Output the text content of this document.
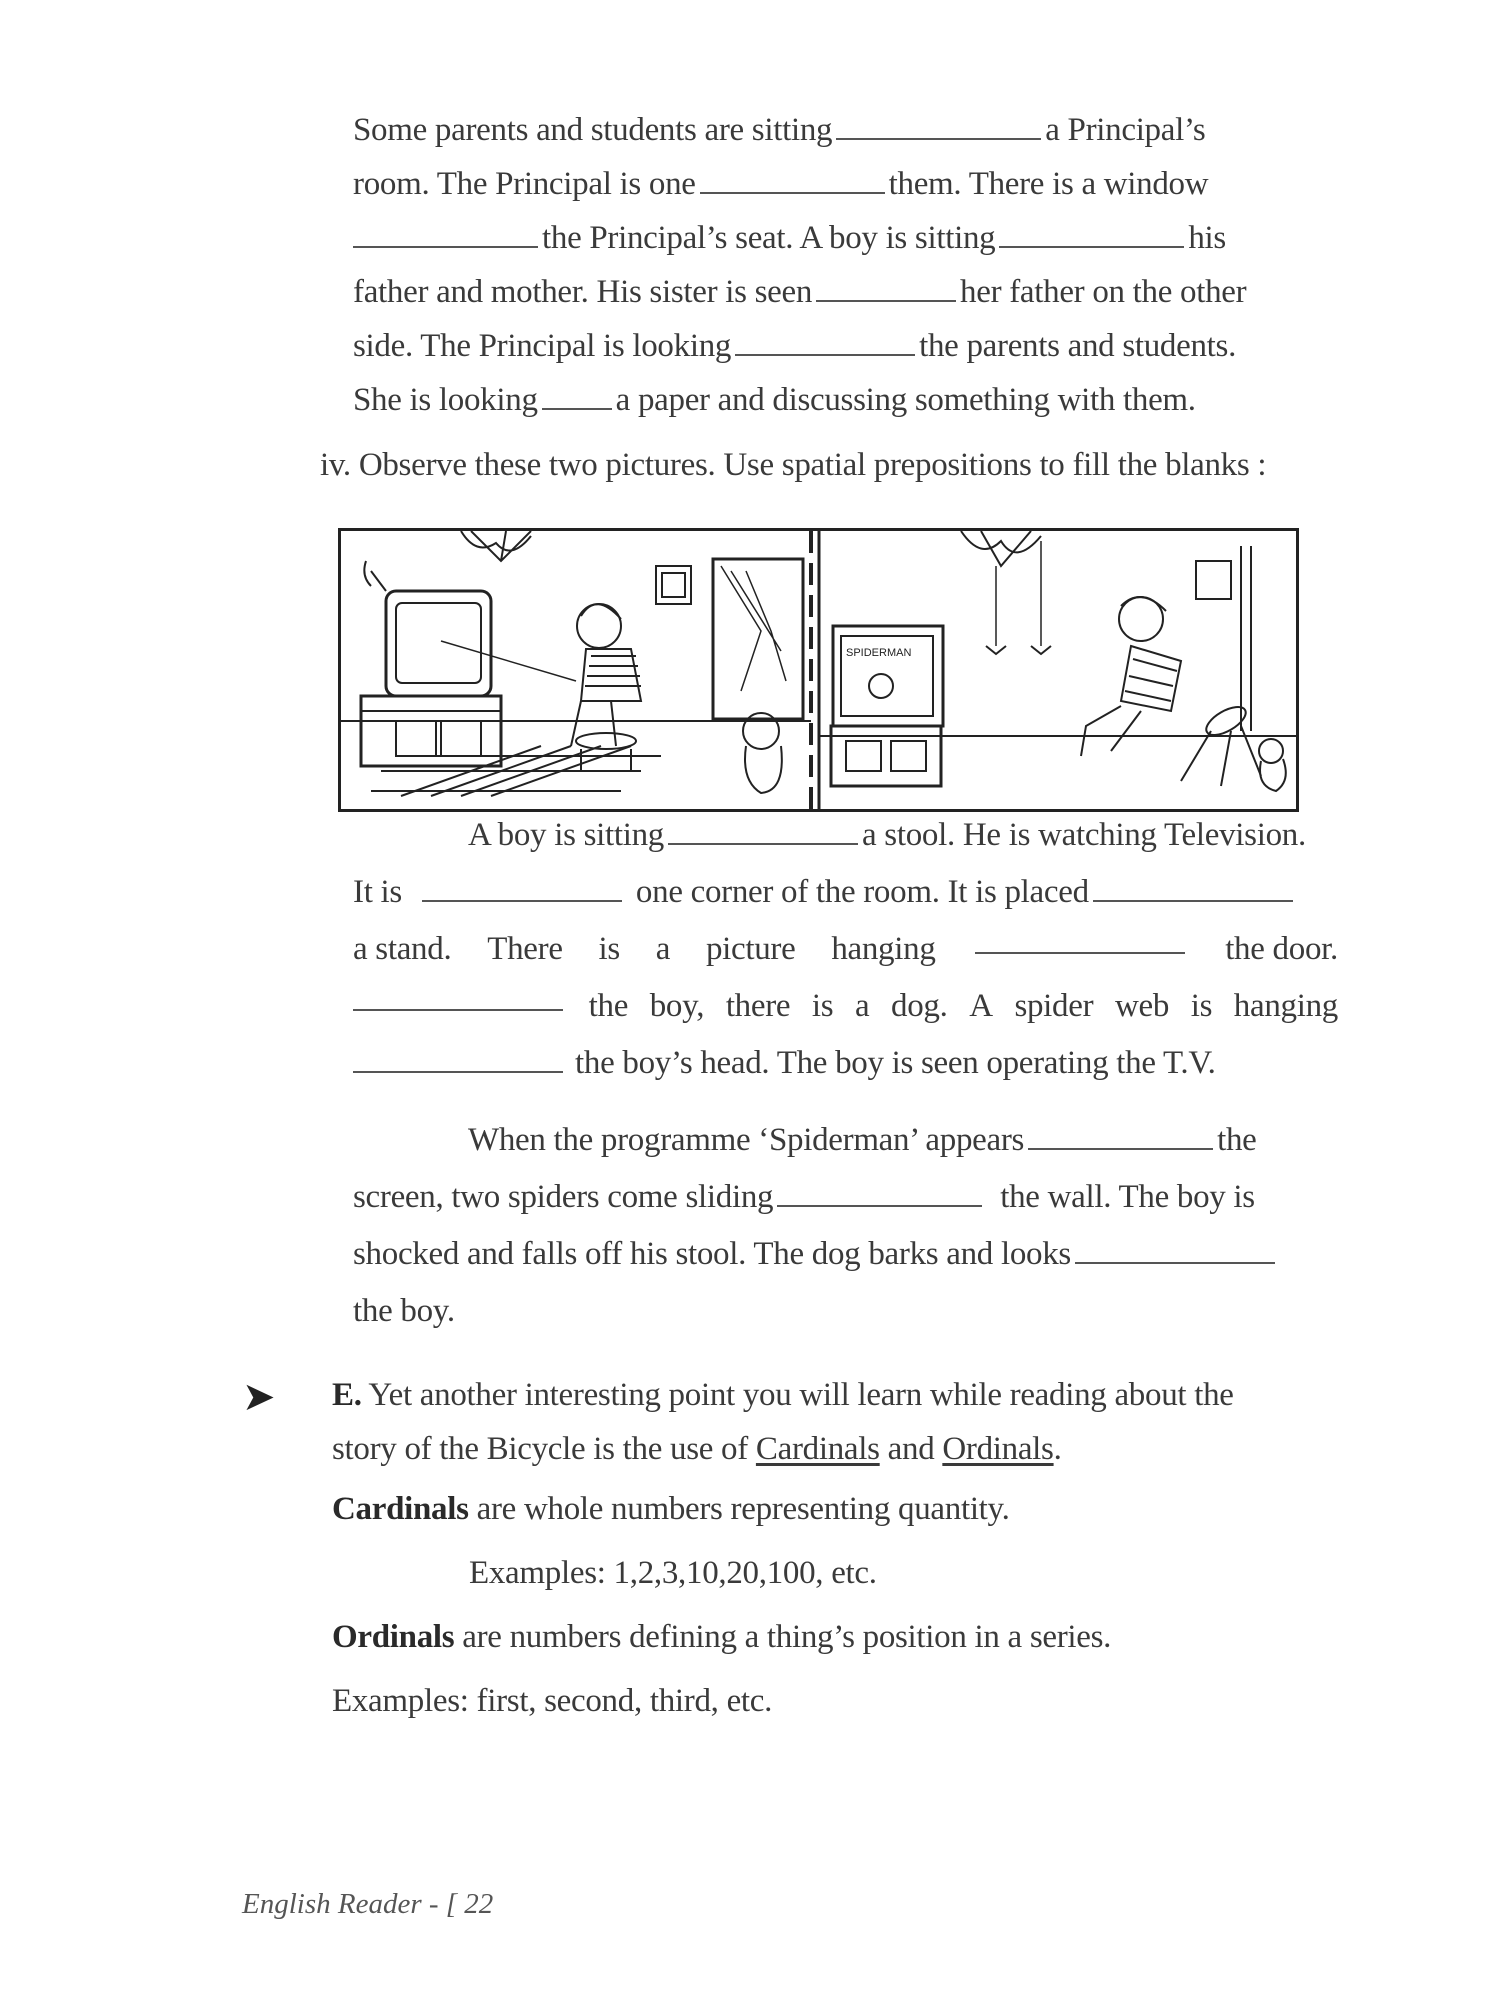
Some parents and students are sitting	a Principal’s
room. The Principal is one	them. There is a window
the Principal’s seat. A boy is sitting	his
father and mother. His sister is seen	her father on the other
side. The Principal is looking	the parents and students.
She is looking a paper and discussing something with them.
iv. Observe these two pictures. Use spatial prepositions to fill the blanks :
SPIDERMAN
A boy is sitting	a stool. He is watching Television.
It is	one corner of the room. It is placed
a stand. There is a picture hanging	the door.
the boy, there is a dog. A spider web is hanging
the boy’s head. The boy is seen operating the T.V.
When the programme ‘Spiderman’ appears	the
screen, two spiders come sliding	the wall. The boy is
shocked and falls off his stool. The dog barks and looks
the boy.
➤ E. Yet another interesting point you will learn while reading about the
story of the Bicycle is the use of Cardinals and Ordinals.
Cardinals are whole numbers representing quantity.
Examples: 1,2,3,10,20,100, etc.
Ordinals are numbers defining a thing’s position in a series.
Examples: first, second, third, etc.
English Reader - [ 22
